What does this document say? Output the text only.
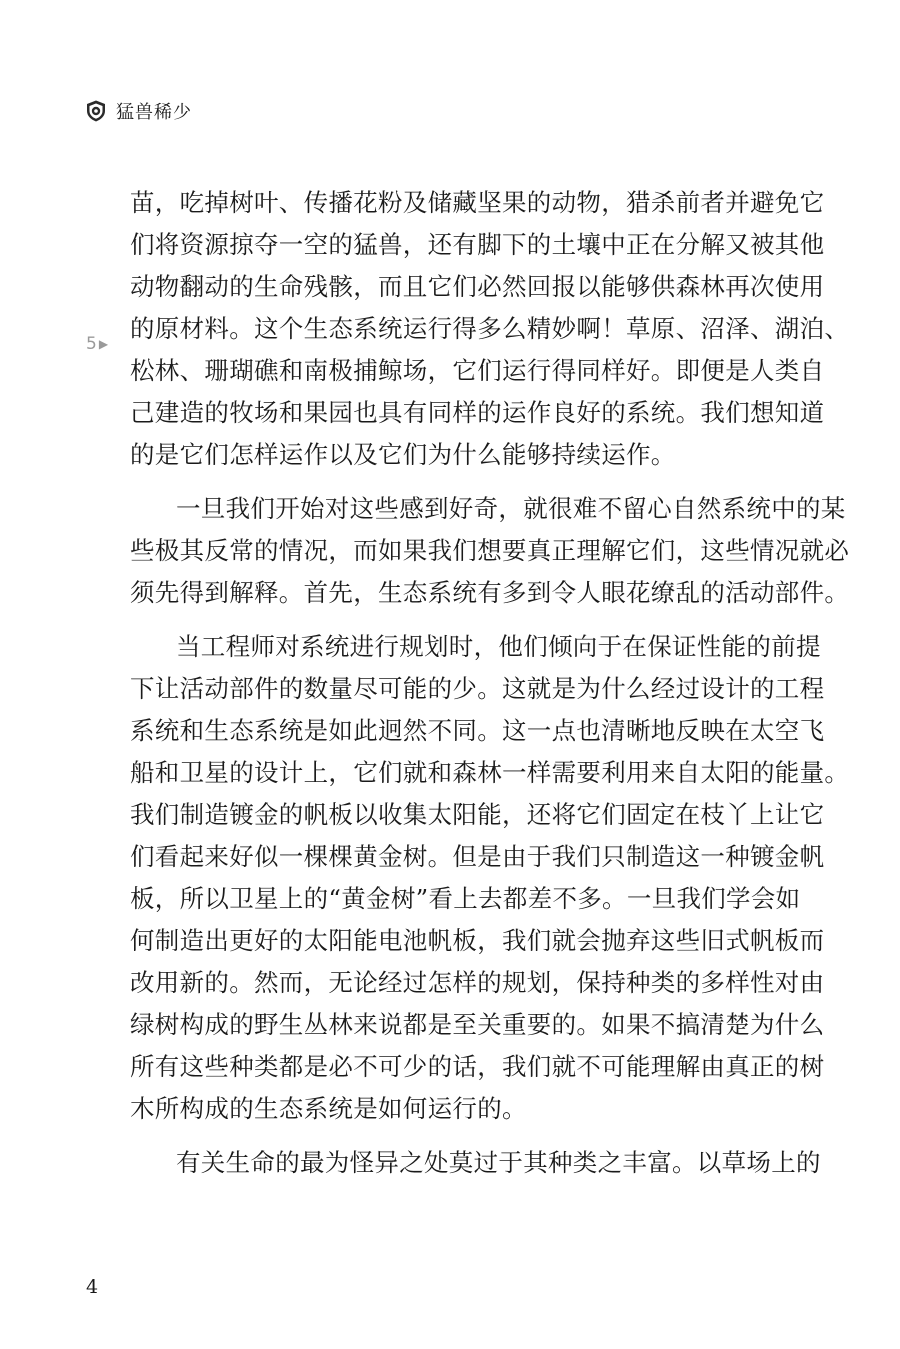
猛兽稀少
5 ▶
苗，吃掉树叶、传播花粉及储藏坚果的动物，猎杀前者并避免它
们将资源掠夺一空的猛兽，还有脚下的土壤中正在分解又被其他
动物翻动的生命残骸，而且它们必然回报以能够供森林再次使用
的原材料。这个生态系统运行得多么精妙啊！草原、沼泽、湖泊、
松林、珊瑚礁和南极捕鲸场，它们运行得同样好。即便是人类自
己建造的牧场和果园也具有同样的运作良好的系统。我们想知道
的是它们怎样运作以及它们为什么能够持续运作。
一旦我们开始对这些感到好奇，就很难不留心自然系统中的某
些极其反常的情况，而如果我们想要真正理解它们，这些情况就必
须先得到解释。首先，生态系统有多到令人眼花缭乱的活动部件。
当工程师对系统进行规划时，他们倾向于在保证性能的前提
下让活动部件的数量尽可能的少。这就是为什么经过设计的工程
系统和生态系统是如此迥然不同。这一点也清晰地反映在太空飞
船和卫星的设计上，它们就和森林一样需要利用来自太阳的能量。
我们制造镀金的帆板以收集太阳能，还将它们固定在枝丫上让它
们看起来好似一棵棵黄金树。但是由于我们只制造这一种镀金帆
板，所以卫星上的“黄金树”看上去都差不多。一旦我们学会如
何制造出更好的太阳能电池帆板，我们就会抛弃这些旧式帆板而
改用新的。然而，无论经过怎样的规划，保持种类的多样性对由
绿树构成的野生丛林来说都是至关重要的。如果不搞清楚为什么
所有这些种类都是必不可少的话，我们就不可能理解由真正的树
木所构成的生态系统是如何运行的。
有关生命的最为怪异之处莫过于其种类之丰富。以草场上的
4
